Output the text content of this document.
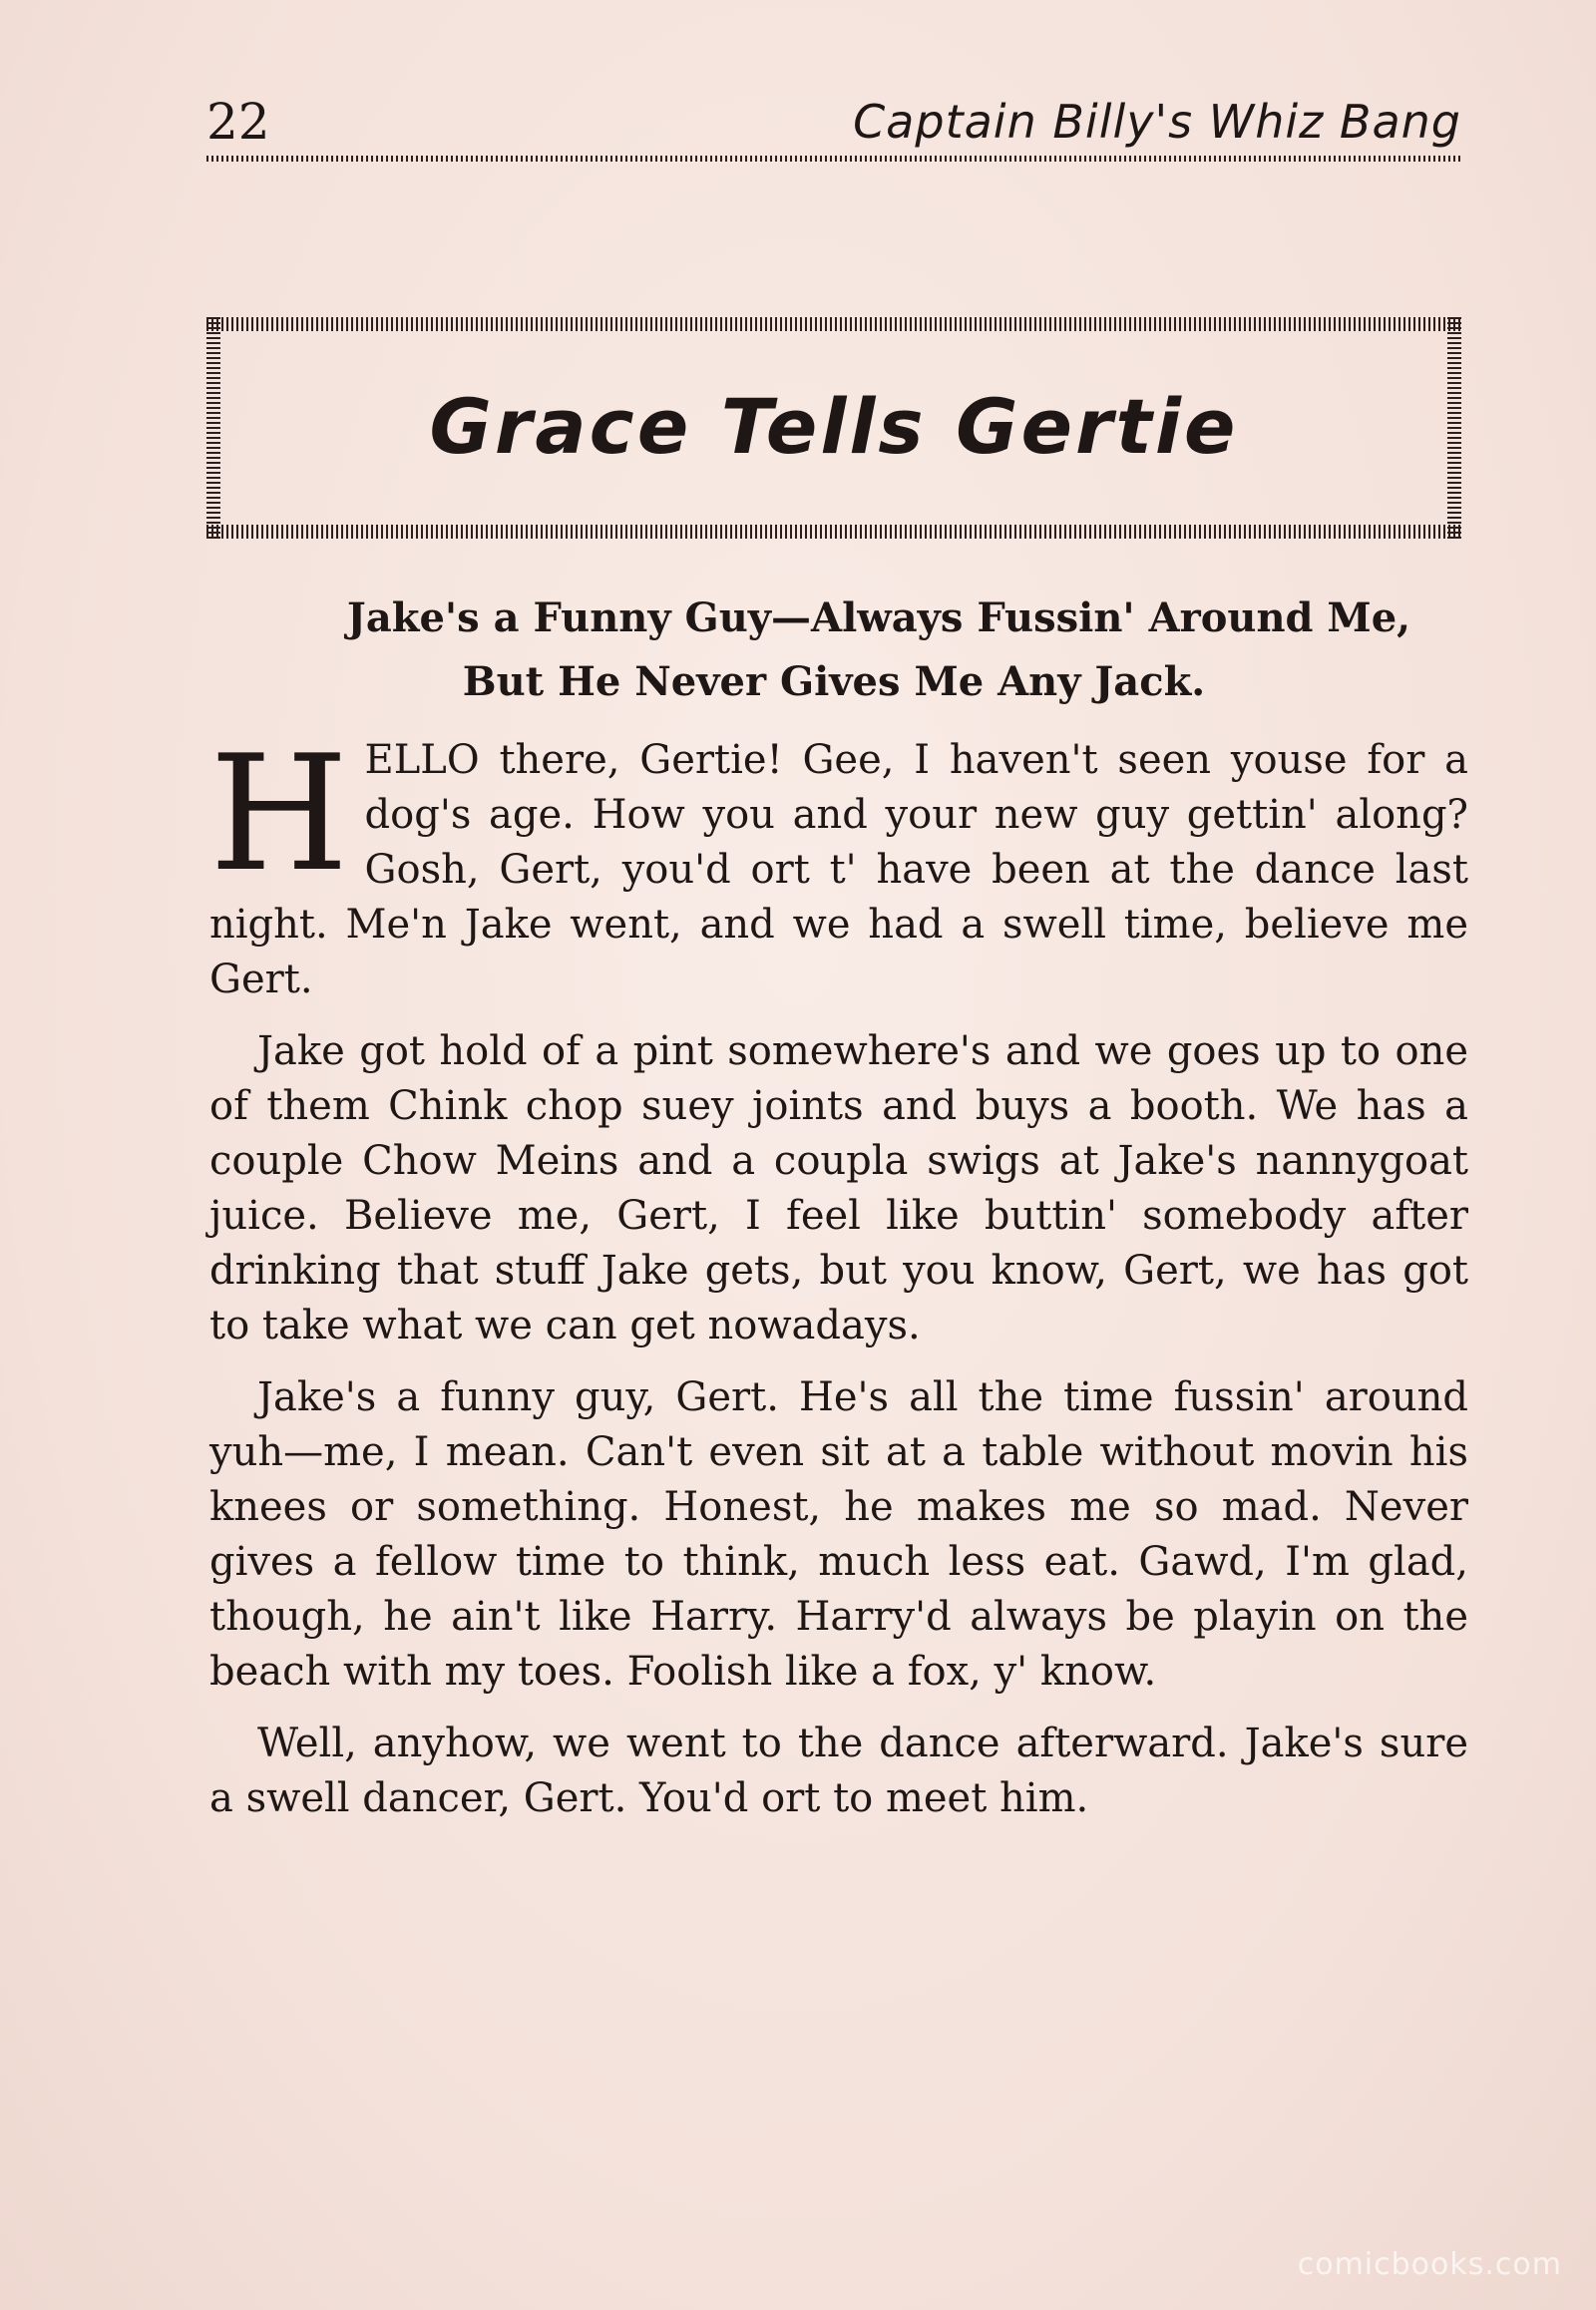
22	Captain Billy's Whiz Bang
Grace Tells Gertie
Jake's a Funny Guy—Always Fussin' Around Me,
But He Never Gives Me Any Jack.

HELLO there, Gertie! Gee, I haven't seen youse for a dog's age. How you and your new guy gettin' along? Gosh, Gert, you'd ort t' have been at the dance last night. Me'n Jake went, and we had a swell time, believe me Gert.

Jake got hold of a pint somewhere's and we goes up to one of them Chink chop suey joints and buys a booth. We has a couple Chow Meins and a coupla swigs at Jake's nannygoat juice. Believe me, Gert, I feel like buttin' somebody after drinking that stuff Jake gets, but you know, Gert, we has got to take what we can get nowadays.

Jake's a funny guy, Gert. He's all the time fussin' around yuh—me, I mean. Can't even sit at a table without movin his knees or something. Honest, he makes me so mad. Never gives a fellow time to think, much less eat. Gawd, I'm glad, though, he ain't like Harry. Harry'd always be playin on the beach with my toes. Foolish like a fox, y' know.

Well, anyhow, we went to the dance afterward. Jake's sure a swell dancer, Gert. You'd ort to meet him.

comicbooks.com
